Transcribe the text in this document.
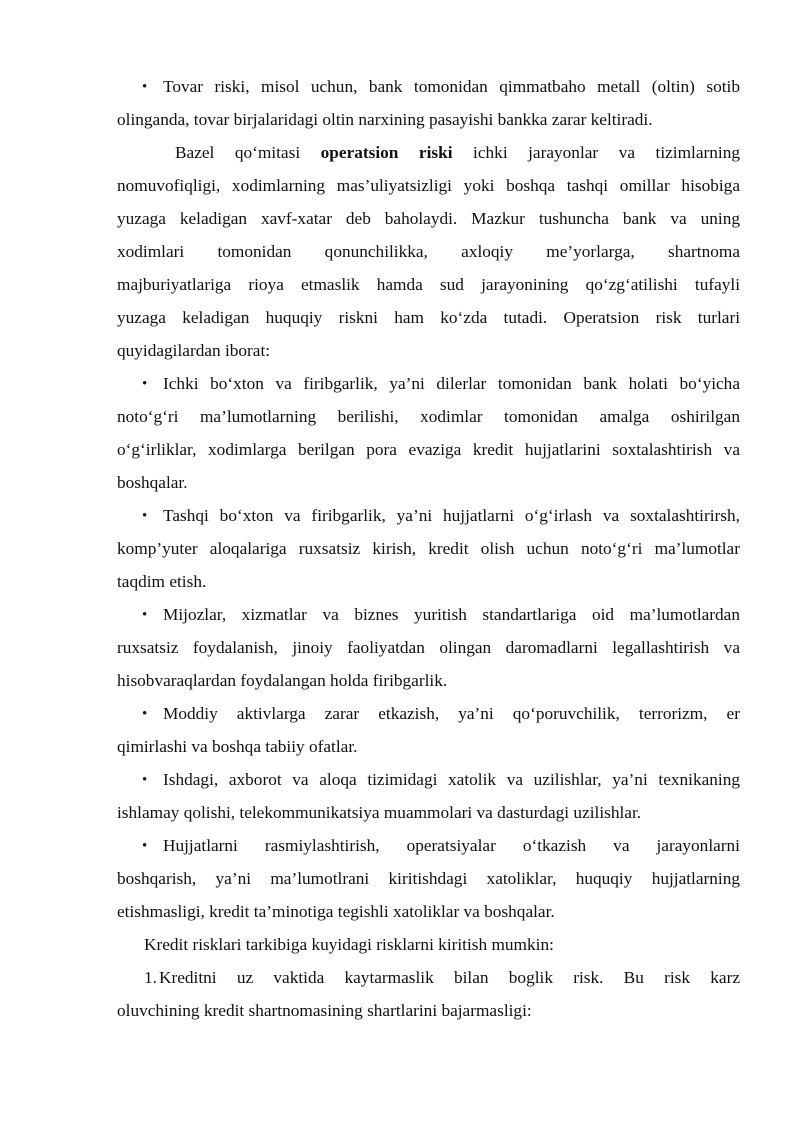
• Tovar riski, misol uchun, bank tomonidan qimmatbaho metall (oltin) sotib
olinganda, tovar birjalaridagi oltin narxining pasayishi bankka zarar keltiradi.
Bazel qo‘mitasi operatsion riski ichki jarayonlar va tizimlarning
nomuvofiqligi, xodimlarning mas’uliyatsizligi yoki boshqa tashqi omillar hisobiga
yuzaga keladigan xavf-xatar deb baholaydi. Mazkur tushuncha bank va uning
xodimlari tomonidan qonunchilikka, axloqiy me’yorlarga, shartnoma
majburiyatlariga rioya etmaslik hamda sud jarayonining qo‘zg‘atilishi tufayli
yuzaga keladigan huquqiy riskni ham ko‘zda tutadi. Operatsion risk turlari
quyidagilardan iborat:
• Ichki bo‘xton va firibgarlik, ya’ni dilerlar tomonidan bank holati bo‘yicha
noto‘g‘ri ma’lumotlarning berilishi, xodimlar tomonidan amalga oshirilgan
o‘g‘irliklar, xodimlarga berilgan pora evaziga kredit hujjatlarini soxtalashtirish va
boshqalar.
• Tashqi bo‘xton va firibgarlik, ya’ni hujjatlarni o‘g‘irlash va soxtalashtirirsh,
komp’yuter aloqalariga ruxsatsiz kirish, kredit olish uchun noto‘g‘ri ma’lumotlar
taqdim etish.
• Mijozlar, xizmatlar va biznes yuritish standartlariga oid ma’lumotlardan
ruxsatsiz foydalanish, jinoiy faoliyatdan olingan daromadlarni legallashtirish va
hisobvaraqlardan foydalangan holda firibgarlik.
• Moddiy aktivlarga zarar etkazish, ya’ni qo‘poruvchilik, terrorizm, er
qimirlashi va boshqa tabiiy ofatlar.
• Ishdagi, axborot va aloqa tizimidagi xatolik va uzilishlar, ya’ni texnikaning
ishlamay qolishi, telekommunikatsiya muammolari va dasturdagi uzilishlar.
• Hujjatlarni rasmiylashtirish, operatsiyalar o‘tkazish va jarayonlarni
boshqarish, ya’ni ma’lumotlrani kiritishdagi xatoliklar, huquqiy hujjatlarning
etishmasligi, kredit ta’minotiga tegishli xatoliklar va boshqalar.
Kredit risklari tarkibiga kuyidagi risklarni kiritish mumkin:
1. Kreditni uz vaktida kaytarmaslik bilan boglik risk. Bu risk karz
oluvchining kredit shartnomasining shartlarini bajarmasligi:
